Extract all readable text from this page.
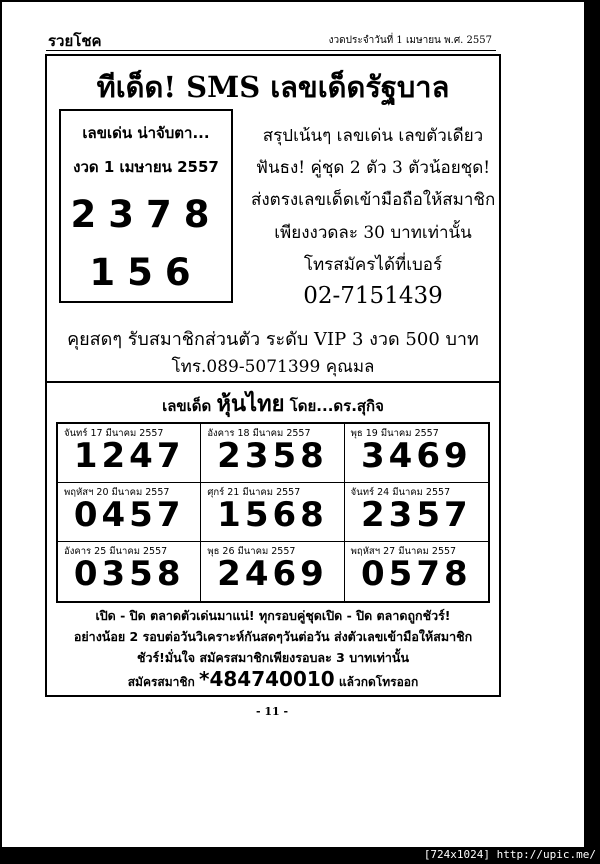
รวยโชค	งวดประจำวันที่ 1 เมษายน พ.ศ. 2557
ทีเด็ด! SMS เลขเด็ดรัฐบาล
เลขเด่น น่าจับตา...
งวด 1 เมษายน 2557
2378
156
สรุปเน้นๆ เลขเด่น เลขตัวเดียว
ฟันธง! คู่ชุด 2 ตัว 3 ตัวน้อยชุด!
ส่งตรงเลขเด็ดเข้ามือถือให้สมาชิก
เพียงงวดละ 30 บาทเท่านั้น
โทรสมัครได้ที่เบอร์
02-7151439
คุยสดๆ รับสมาชิกส่วนตัว ระดับ VIP 3 งวด 500 บาท
โทร.089-5071399 คุณมล
เลขเด็ด หุ้นไทย โดย...ดร.สุกิจ
จันทร์ 17 มีนาคม 2557
1247
อังคาร 18 มีนาคม 2557
2358
พุธ 19 มีนาคม 2557
3469
พฤหัสฯ 20 มีนาคม 2557
0457
ศุกร์ 21 มีนาคม 2557
1568
จันทร์ 24 มีนาคม 2557
2357
อังคาร 25 มีนาคม 2557
0358
พุธ 26 มีนาคม 2557
2469
พฤหัสฯ 27 มีนาคม 2557
0578
เปิด - ปิด ตลาดตัวเด่นมาแน่! ทุกรอบคู่ชุดเปิด - ปิด ตลาดถูกชัวร์!
อย่างน้อย 2 รอบต่อวันวิเคราะห์กันสดๆวันต่อวัน ส่งตัวเลขเข้ามือให้สมาชิก
ชัวร์!มั่นใจ สมัครสมาชิกเพียงรอบละ 3 บาทเท่านั้น
สมัครสมาชิก *484740010 แล้วกดโทรออก
- 11 -
[724x1024] http://upic.me/
